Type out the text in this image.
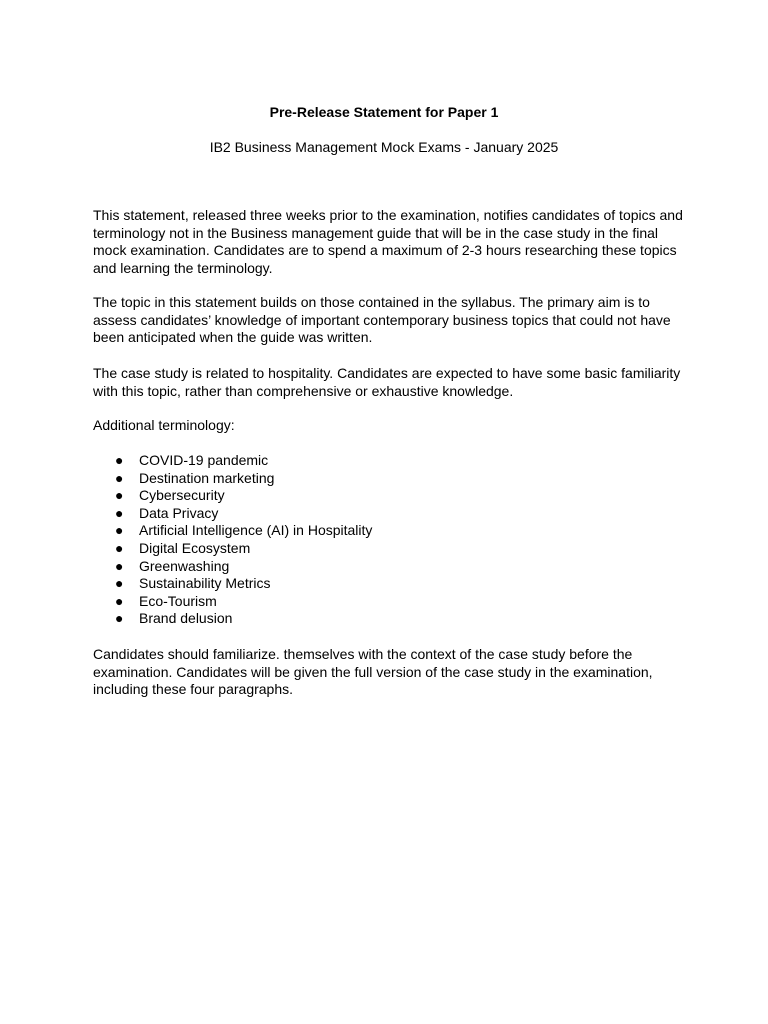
Pre-Release Statement for Paper 1
IB2 Business Management Mock Exams - January 2025

This statement, released three weeks prior to the examination, notifies candidates of topics and terminology not in the Business management guide that will be in the case study in the final mock examination. Candidates are to spend a maximum of 2-3 hours researching these topics and learning the terminology.

The topic in this statement builds on those contained in the syllabus. The primary aim is to assess candidates’ knowledge of important contemporary business topics that could not have been anticipated when the guide was written.

The case study is related to hospitality. Candidates are expected to have some basic familiarity with this topic, rather than comprehensive or exhaustive knowledge.

Additional terminology:

● COVID-19 pandemic
● Destination marketing
● Cybersecurity
● Data Privacy
● Artificial Intelligence (AI) in Hospitality
● Digital Ecosystem
● Greenwashing
● Sustainability Metrics
● Eco-Tourism
● Brand delusion

Candidates should familiarize. themselves with the context of the case study before the examination. Candidates will be given the full version of the case study in the examination, including these four paragraphs.
